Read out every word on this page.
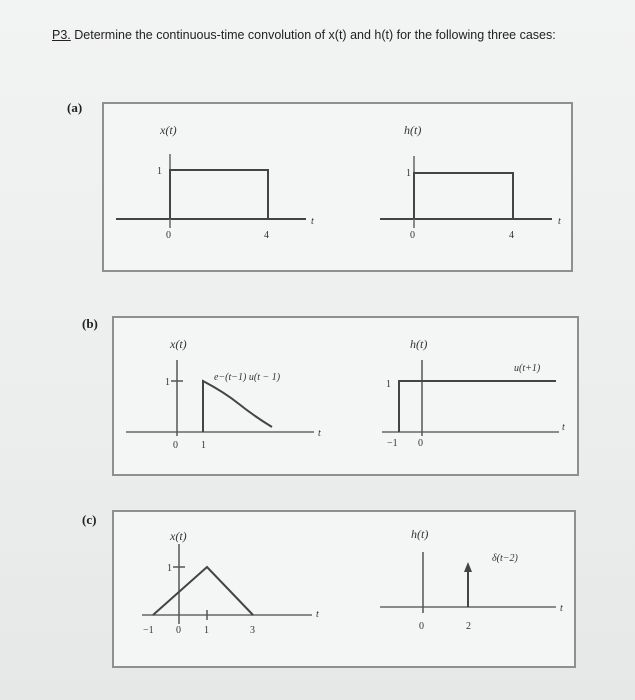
P3. Determine the continuous-time convolution of x(t) and h(t) for the following three cases:
(a)
x(t)
1
0	4
t
h(t)
1
0	4
t
(b)
x(t)
1	e−(t−1) u(t − 1)
0 1
t
h(t)
1
u(t+1)
−1 0
t
(c)
x(t)
1
−1 0 1	3
t
h(t)
δ(t−2)
0	2
t
